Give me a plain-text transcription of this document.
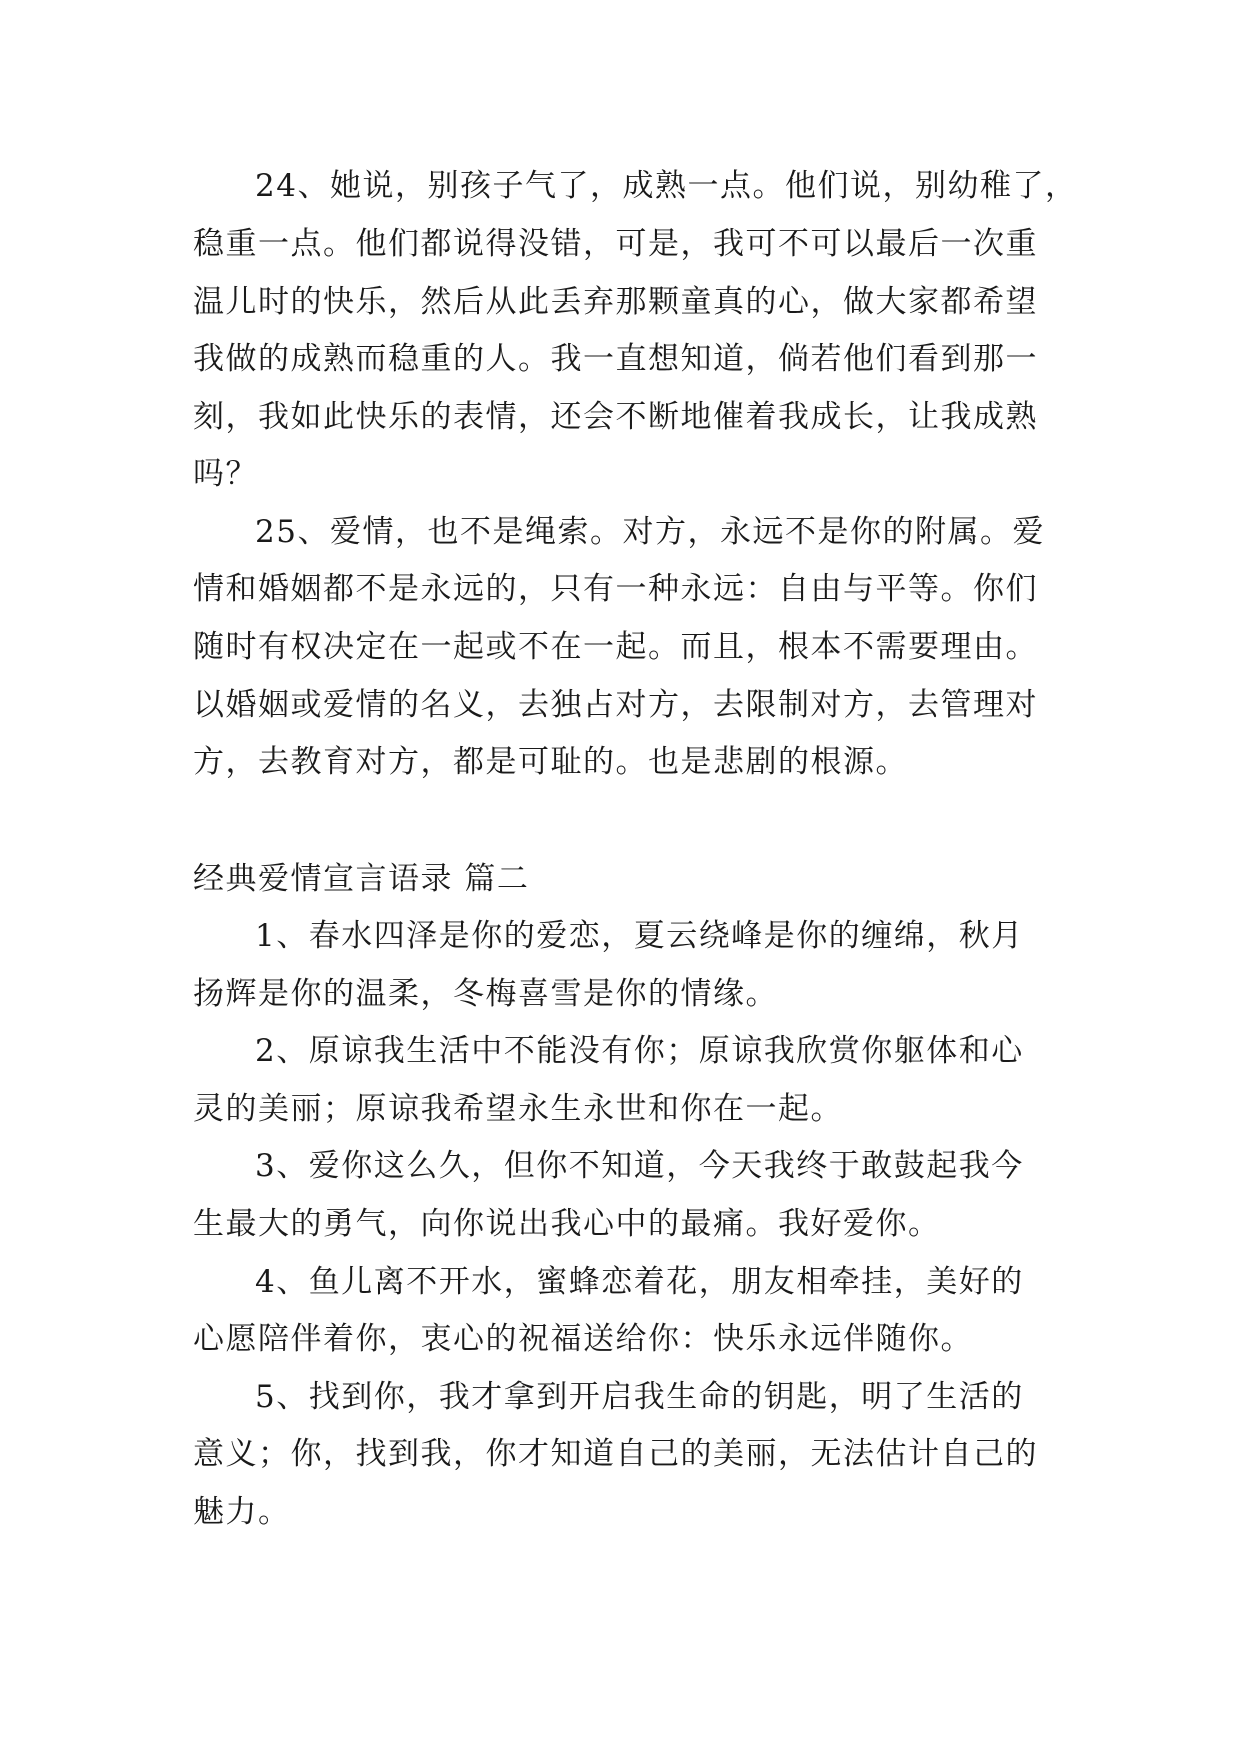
24、她说，别孩子气了，成熟一点。他们说，别幼稚了，
稳重一点。他们都说得没错，可是，我可不可以最后一次重
温儿时的快乐，然后从此丢弃那颗童真的心，做大家都希望
我做的成熟而稳重的人。我一直想知道，倘若他们看到那一
刻，我如此快乐的表情，还会不断地催着我成长，让我成熟
吗？
25、爱情，也不是绳索。对方，永远不是你的附属。爱
情和婚姻都不是永远的，只有一种永远：自由与平等。你们
随时有权决定在一起或不在一起。而且，根本不需要理由。
以婚姻或爱情的名义，去独占对方，去限制对方，去管理对
方，去教育对方，都是可耻的。也是悲剧的根源。
经典爱情宣言语录 篇二
1、春水四泽是你的爱恋，夏云绕峰是你的缠绵，秋月
扬辉是你的温柔，冬梅喜雪是你的情缘。
2、原谅我生活中不能没有你；原谅我欣赏你躯体和心
灵的美丽；原谅我希望永生永世和你在一起。
3、爱你这么久，但你不知道，今天我终于敢鼓起我今
生最大的勇气，向你说出我心中的最痛。我好爱你。
4、鱼儿离不开水，蜜蜂恋着花，朋友相牵挂，美好的
心愿陪伴着你，衷心的祝福送给你：快乐永远伴随你。
5、找到你，我才拿到开启我生命的钥匙，明了生活的
意义；你，找到我，你才知道自己的美丽，无法估计自己的
魅力。
